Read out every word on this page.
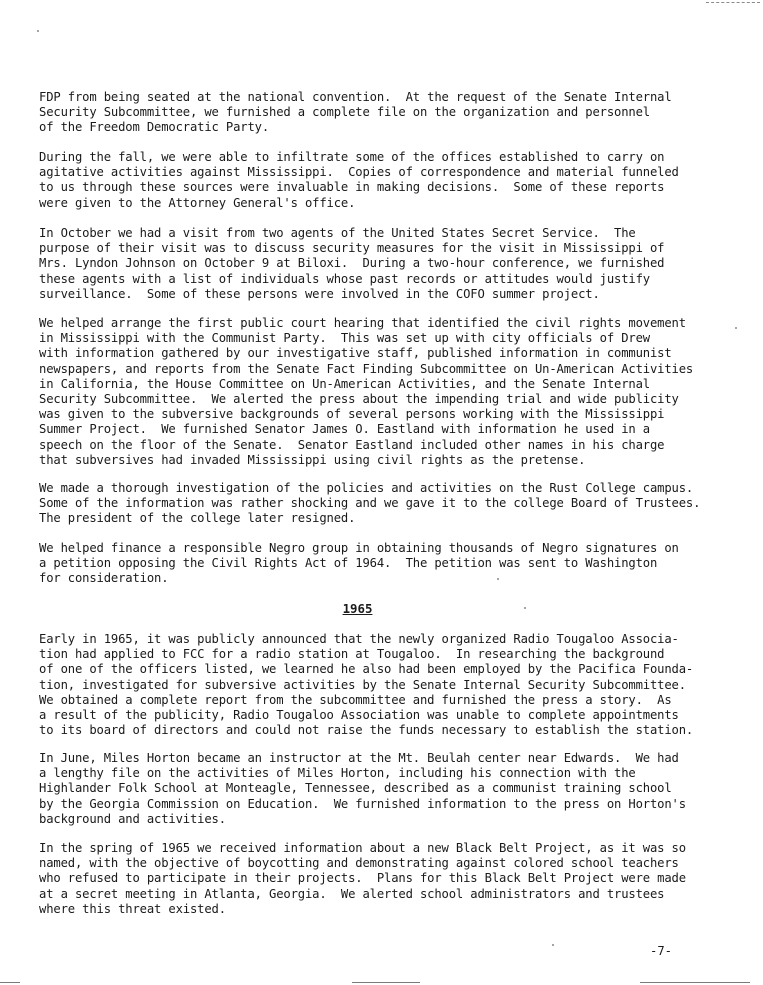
FDP from being seated at the national convention.  At the request of the Senate Internal
Security Subcommittee, we furnished a complete file on the organization and personnel
of the Freedom Democratic Party.

During the fall, we were able to infiltrate some of the offices established to carry on
agitative activities against Mississippi.  Copies of correspondence and material funneled
to us through these sources were invaluable in making decisions.  Some of these reports
were given to the Attorney General's office.

In October we had a visit from two agents of the United States Secret Service.  The
purpose of their visit was to discuss security measures for the visit in Mississippi of
Mrs. Lyndon Johnson on October 9 at Biloxi.  During a two-hour conference, we furnished
these agents with a list of individuals whose past records or attitudes would justify
surveillance.  Some of these persons were involved in the COFO summer project.

We helped arrange the first public court hearing that identified the civil rights movement
in Mississippi with the Communist Party.  This was set up with city officials of Drew
with information gathered by our investigative staff, published information in communist
newspapers, and reports from the Senate Fact Finding Subcommittee on Un-American Activities
in California, the House Committee on Un-American Activities, and the Senate Internal
Security Subcommittee.  We alerted the press about the impending trial and wide publicity
was given to the subversive backgrounds of several persons working with the Mississippi
Summer Project.  We furnished Senator James O. Eastland with information he used in a
speech on the floor of the Senate.  Senator Eastland included other names in his charge
that subversives had invaded Mississippi using civil rights as the pretense.

We made a thorough investigation of the policies and activities on the Rust College campus.
Some of the information was rather shocking and we gave it to the college Board of Trustees.
The president of the college later resigned.

We helped finance a responsible Negro group in obtaining thousands of Negro signatures on
a petition opposing the Civil Rights Act of 1964.  The petition was sent to Washington
for consideration.

1965

Early in 1965, it was publicly announced that the newly organized Radio Tougaloo Associa-
tion had applied to FCC for a radio station at Tougaloo.  In researching the background
of one of the officers listed, we learned he also had been employed by the Pacifica Founda-
tion, investigated for subversive activities by the Senate Internal Security Subcommittee.
We obtained a complete report from the subcommittee and furnished the press a story.  As
a result of the publicity, Radio Tougaloo Association was unable to complete appointments
to its board of directors and could not raise the funds necessary to establish the station.

In June, Miles Horton became an instructor at the Mt. Beulah center near Edwards.  We had
a lengthy file on the activities of Miles Horton, including his connection with the
Highlander Folk School at Monteagle, Tennessee, described as a communist training school
by the Georgia Commission on Education.  We furnished information to the press on Horton's
background and activities.

In the spring of 1965 we received information about a new Black Belt Project, as it was so
named, with the objective of boycotting and demonstrating against colored school teachers
who refused to participate in their projects.  Plans for this Black Belt Project were made
at a secret meeting in Atlanta, Georgia.  We alerted school administrators and trustees
where this threat existed.

-7-
